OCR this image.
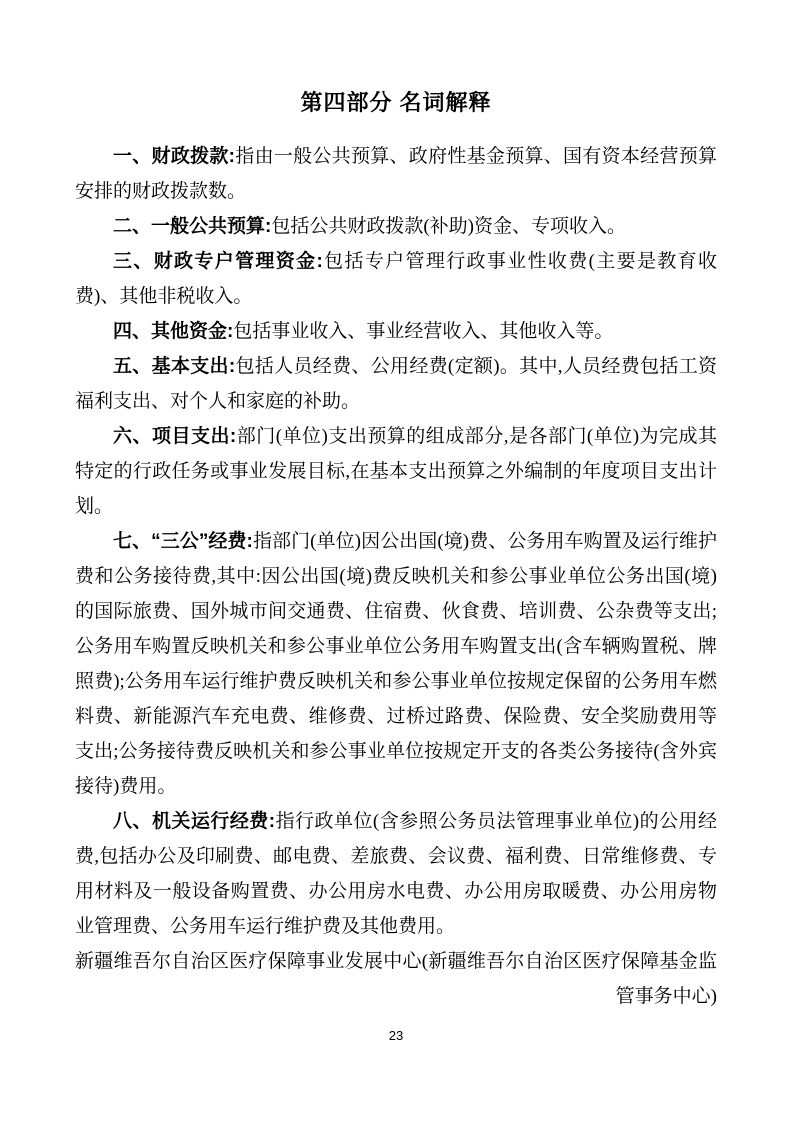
第四部分 名词解释

一、财政拨款:指由一般公共预算、政府性基金预算、国有资本经营预算安排的财政拨款数。

二、一般公共预算:包括公共财政拨款(补助)资金、专项收入。

三、财政专户管理资金:包括专户管理行政事业性收费(主要是教育收费)、其他非税收入。

四、其他资金:包括事业收入、事业经营收入、其他收入等。

五、基本支出:包括人员经费、公用经费(定额)。其中,人员经费包括工资福利支出、对个人和家庭的补助。

六、项目支出:部门(单位)支出预算的组成部分,是各部门(单位)为完成其特定的行政任务或事业发展目标,在基本支出预算之外编制的年度项目支出计划。

七、“三公”经费:指部门(单位)因公出国(境)费、公务用车购置及运行维护费和公务接待费,其中:因公出国(境)费反映机关和参公事业单位公务出国(境)的国际旅费、国外城市间交通费、住宿费、伙食费、培训费、公杂费等支出;公务用车购置反映机关和参公事业单位公务用车购置支出(含车辆购置税、牌照费);公务用车运行维护费反映机关和参公事业单位按规定保留的公务用车燃料费、新能源汽车充电费、维修费、过桥过路费、保险费、安全奖励费用等支出;公务接待费反映机关和参公事业单位按规定开支的各类公务接待(含外宾接待)费用。

八、机关运行经费:指行政单位(含参照公务员法管理事业单位)的公用经费,包括办公及印刷费、邮电费、差旅费、会议费、福利费、日常维修费、专用材料及一般设备购置费、办公用房水电费、办公用房取暖费、办公用房物业管理费、公务用车运行维护费及其他费用。

新疆维吾尔自治区医疗保障事业发展中心(新疆维吾尔自治区医疗保障基金监管事务中心)

23
